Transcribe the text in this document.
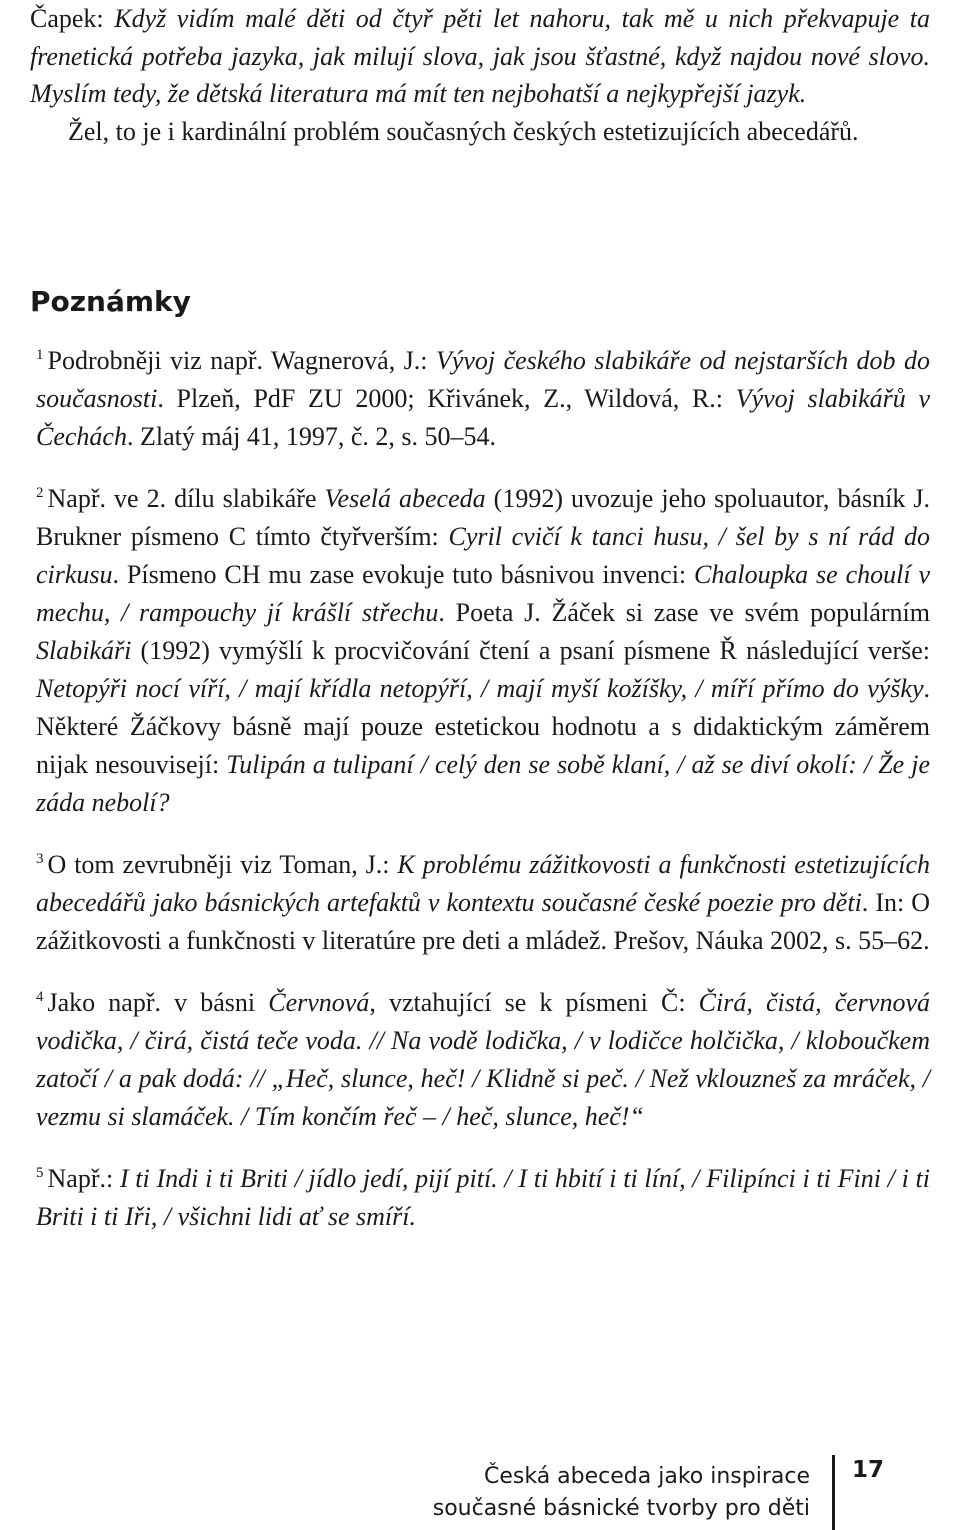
Čapek: Když vidím malé děti od čtyř pěti let nahoru, tak mě u nich překvapuje ta frenetická potřeba jazyka, jak milují slova, jak jsou šťastné, když najdou nové slovo. Myslím tedy, že dětská literatura má mít ten nejbohatší a nejkypřejší jazyk.

Žel, to je i kardinální problém současných českých estetizujících abecedářů.

Poznámky

$^1$ Podrobněji viz např. Wagnerová, J.: Vývoj českého slabikáře od nejstarších dob do současnosti. Plzeň, PdF ZU 2000; Křivánek, Z., Wildová, R.: Vývoj slabikářů v Čechách. Zlatý máj 41, 1997, č. 2, s. 50–54.

$^2$ Např. ve 2. dílu slabikáře Veselá abeceda (1992) uvozuje jeho spoluautor, básník J. Brukner písmeno C tímto čtyřverším: Cyril cvičí k tanci husu, / šel by s ní rád do cirkusu. Písmeno CH mu zase evokuje tuto básnivou invenci: Chaloupka se choulí v mechu, / rampouchy jí krášlí střechu. Poeta J. Žáček si zase ve svém populárním Slabikáři (1992) vymýšlí k procvičování čtení a psaní písmene Ř následující verše: Netopýři nocí víří, / mají křídla netopýří, / mají myší kožíšky, / míří přímo do výšky. Některé Žáčkovy básně mají pouze estetickou hodnotu a s didaktickým záměrem nijak nesouvisejí: Tulipán a tulipaní / celý den se sobě klaní, / až se diví okolí: / Že je záda nebolí?

$^3$ O tom zevrubněji viz Toman, J.: K problému zážitkovosti a funkčnosti estetizujících abecedářů jako básnických artefaktů v kontextu současné české poezie pro děti. In: O zážitkovosti a funkčnosti v literatúre pre deti a mládež. Prešov, Náuka 2002, s. 55–62.

$^4$ Jako např. v básni Červnová, vztahující se k písmeni Č: Čirá, čistá, červnová vodička, / čirá, čistá teče voda. // Na vodě lodička, / v lodičce holčička, / kloboučkem zatočí / a pak dodá: // „Heč, slunce, heč! / Klidně si peč. / Než vklouzneš za mráček, / vezmu si slamáček. / Tím končím řeč – / heč, slunce, heč!“

$^5$ Např.: I ti Indi i ti Briti / jídlo jedí, pijí pití. / I ti hbití i ti líní, / Filipínci i ti Fini / i ti Briti i ti Iři, / všichni lidi ať se smíří.

Česká abeceda jako inspirace
současné básnické tvorby pro děti
17
